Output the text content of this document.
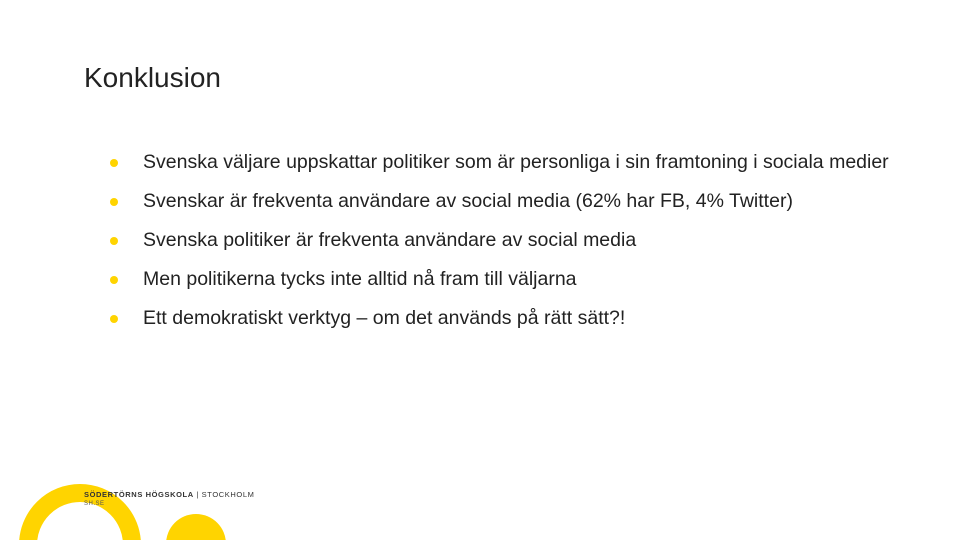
Konklusion
Svenska väljare uppskattar politiker som är personliga i sin framtoning i sociala medier
Svenskar är frekventa användare av social media (62% har FB, 4% Twitter)
Svenska politiker är frekventa användare av social media
Men politikerna tycks inte alltid nå fram till väljarna
Ett demokratiskt verktyg – om det används på rätt sätt?!
SÖDERTÖRNS HÖGSKOLA | STOCKHOLM
SH.SE
